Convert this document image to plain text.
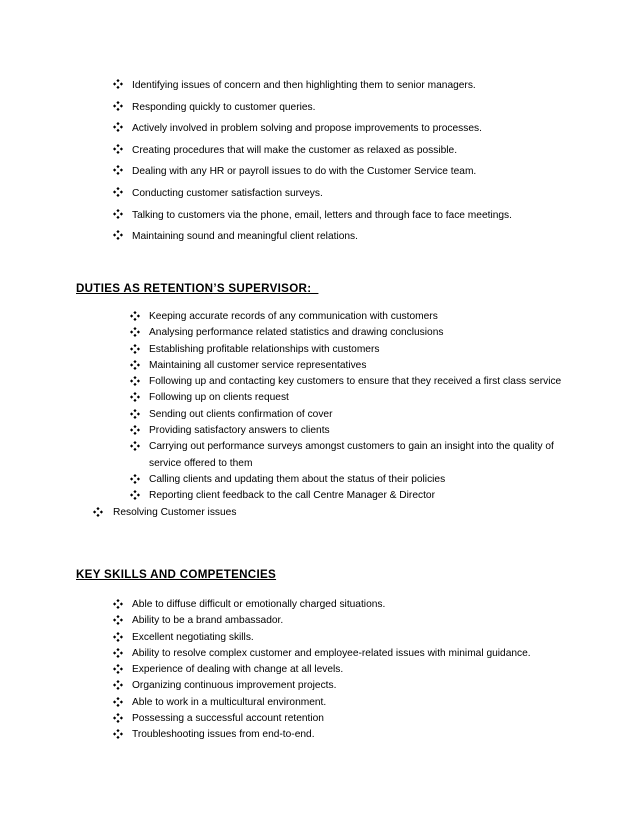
Identifying issues of concern and then highlighting them to senior managers.
Responding quickly to customer queries.
Actively involved in problem solving and propose improvements to processes.
Creating procedures that will make the customer as relaxed as possible.
Dealing with any HR or payroll issues to do with the Customer Service team.
Conducting customer satisfaction surveys.
Talking to customers via the phone, email, letters and through face to face meetings.
Maintaining sound and meaningful client relations.
DUTIES AS RETENTION’S SUPERVISOR:
Keeping accurate records of any communication with customers
Analysing performance related statistics and drawing conclusions
Establishing profitable relationships with customers
Maintaining all customer service representatives
Following up and contacting key customers to ensure that they received a first class service
Following up on clients request
Sending out clients confirmation of cover
Providing satisfactory answers to clients
Carrying out performance surveys amongst customers to gain an insight into the quality of service offered to them
Calling clients and updating them about the status of their policies
Reporting client feedback to the call Centre Manager & Director
Resolving Customer issues
KEY SKILLS AND COMPETENCIES
Able to diffuse difficult or emotionally charged situations.
Ability to be a brand ambassador.
Excellent negotiating skills.
Ability to resolve complex customer and employee-related issues with minimal guidance.
Experience of dealing with change at all levels.
Organizing continuous improvement projects.
Able to work in a multicultural environment.
Possessing a successful account retention
Troubleshooting issues from end-to-end.
